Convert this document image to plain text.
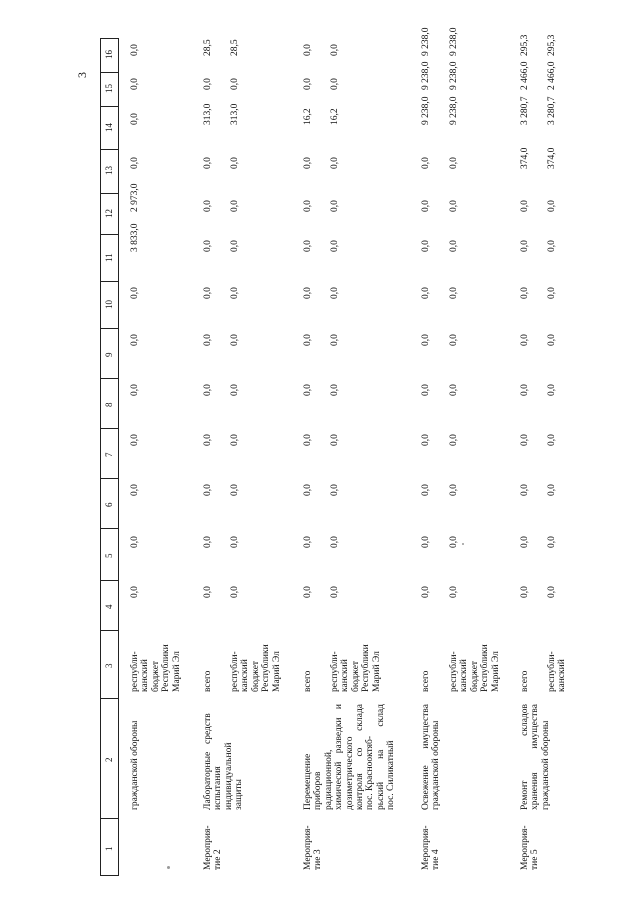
3
1
2
3
4
5
6
7
8
9
10
11
12
13
14
15
16
гражданской обороны
республи- канский бюджет Республики Марий Эл
0,0
0,0
0,0
0,0
0,0
0,0
0,0
3 833,0
2 973,0
0,0
0,0
0,0
0,0
Мероприя- тие 2
Лабораторные испытания индивидуальной защиты
средств
всего
0,0
0,0
0,0
0,0
0,0
0,0
0,0
0,0
0,0
0,0
313,0
0,0
28,5
республи- канский бюджет Республики Марий Эл
0,0
0,0
0,0
0,0
0,0
0,0
0,0
0,0
0,0
0,0
313,0
0,0
28,5
Мероприя- тие 3
Перемещение приборов радиационной, химической разведки и дозиметрического контроля со склада пос. Краснооктяб- рьский на склад пос. Силикатный
всего
0,0
0,0
0,0
0,0
0,0
0,0
0,0
0,0
0,0
0,0
16,2
0,0
0,0
республи- канский бюджет Республики Марий Эл
0,0
0,0
0,0
0,0
0,0
0,0
0,0
0,0
0,0
0,0
16,2
0,0
0,0
Мероприя- тие 4
Освежение имущества гражданской обороны
всего
0,0
0,0
0,0
0,0
0,0
0,0
0,0
0,0
0,0
0,0
9 238,0
9 238,0
9 238,0
республи- канский бюджет Республики Марий Эл
0,0
0,0
0,0
0,0
0,0
0,0
0,0
0,0
0,0
0,0
9 238,0
9 238,0
9 238,0
Мероприя- тие 5
Ремонт складов хранения имущества гражданской обороны
всего
0,0
0,0
0,0
0,0
0,0
0,0
0,0
0,0
0,0
374,0
3 280,7
2 466,0
295,3
республи- канский
0,0
0,0
0,0
0,0
0,0
0,0
0,0
0,0
0,0
374,0
3 280,7
2 466,0
295,3
